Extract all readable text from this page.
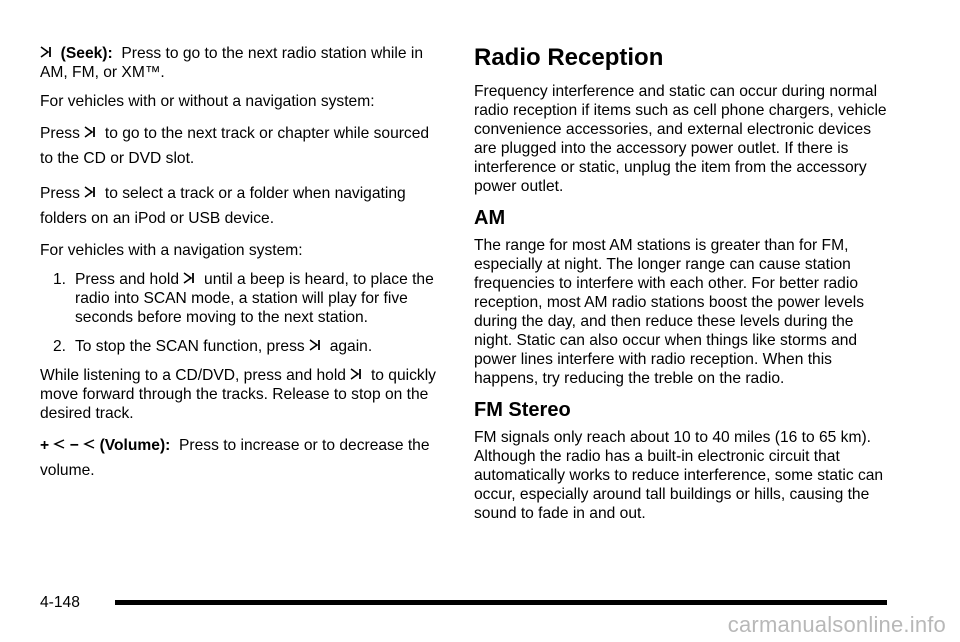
(Seek): Press to go to the next radio station while in AM, FM, or XM™.

For vehicles with or without a navigation system:

Press to go to the next track or chapter while sourced to the CD or DVD slot.

Press to select a track or a folder when navigating folders on an iPod or USB device.

For vehicles with a navigation system:

1. Press and hold until a beep is heard, to place the radio into SCAN mode, a station will play for five seconds before moving to the next station.
2. To stop the SCAN function, press again.

While listening to a CD/DVD, press and hold to quickly move forward through the tracks. Release to stop on the desired track.

+ − (Volume): Press to increase or to decrease the volume.

Radio Reception

Frequency interference and static can occur during normal radio reception if items such as cell phone chargers, vehicle convenience accessories, and external electronic devices are plugged into the accessory power outlet. If there is interference or static, unplug the item from the accessory power outlet.

AM

The range for most AM stations is greater than for FM, especially at night. The longer range can cause station frequencies to interfere with each other. For better radio reception, most AM radio stations boost the power levels during the day, and then reduce these levels during the night. Static can also occur when things like storms and power lines interfere with radio reception. When this happens, try reducing the treble on the radio.

FM Stereo

FM signals only reach about 10 to 40 miles (16 to 65 km). Although the radio has a built-in electronic circuit that automatically works to reduce interference, some static can occur, especially around tall buildings or hills, causing the sound to fade in and out.

4-148
carmanualsonline.info
